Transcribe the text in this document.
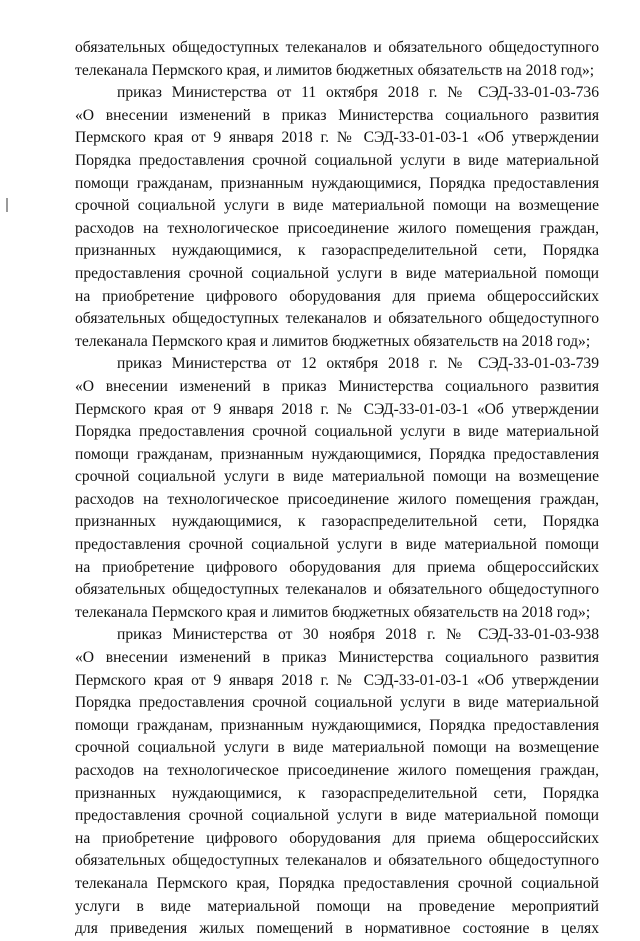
обязательных общедоступных телеканалов и обязательного общедоступного

телеканала Пермского края, и лимитов бюджетных обязательств на 2018 год»;

приказ Министерства от 11 октября 2018 г. № СЭД-33-01-03-736

«О внесении изменений в приказ Министерства социального развития

Пермского края от 9 января 2018 г. № СЭД-33-01-03-1 «Об утверждении

Порядка предоставления срочной социальной услуги в виде материальной

помощи гражданам, признанным нуждающимися, Порядка предоставления

срочной социальной услуги в виде материальной помощи на возмещение

расходов на технологическое присоединение жилого помещения граждан,

признанных нуждающимися, к газораспределительной сети, Порядка

предоставления срочной социальной услуги в виде материальной помощи

на приобретение цифрового оборудования для приема общероссийских

обязательных общедоступных телеканалов и обязательного общедоступного

телеканала Пермского края и лимитов бюджетных обязательств на 2018 год»;

приказ Министерства от 12 октября 2018 г. № СЭД-33-01-03-739

«О внесении изменений в приказ Министерства социального развития

Пермского края от 9 января 2018 г. № СЭД-33-01-03-1 «Об утверждении

Порядка предоставления срочной социальной услуги в виде материальной

помощи гражданам, признанным нуждающимися, Порядка предоставления

срочной социальной услуги в виде материальной помощи на возмещение

расходов на технологическое присоединение жилого помещения граждан,

признанных нуждающимися, к газораспределительной сети, Порядка

предоставления срочной социальной услуги в виде материальной помощи

на приобретение цифрового оборудования для приема общероссийских

обязательных общедоступных телеканалов и обязательного общедоступного

телеканала Пермского края и лимитов бюджетных обязательств на 2018 год»;

приказ Министерства от 30 ноября 2018 г. № СЭД-33-01-03-938

«О внесении изменений в приказ Министерства социального развития

Пермского края от 9 января 2018 г. № СЭД-33-01-03-1 «Об утверждении

Порядка предоставления срочной социальной услуги в виде материальной

помощи гражданам, признанным нуждающимися, Порядка предоставления

срочной социальной услуги в виде материальной помощи на возмещение

расходов на технологическое присоединение жилого помещения граждан,

признанных нуждающимися, к газораспределительной сети, Порядка

предоставления срочной социальной услуги в виде материальной помощи

на приобретение цифрового оборудования для приема общероссийских

обязательных общедоступных телеканалов и обязательного общедоступного

телеканала Пермского края, Порядка предоставления срочной социальной

услуги в виде материальной помощи на проведение мероприятий

для приведения жилых помещений в нормативное состояние в целях
